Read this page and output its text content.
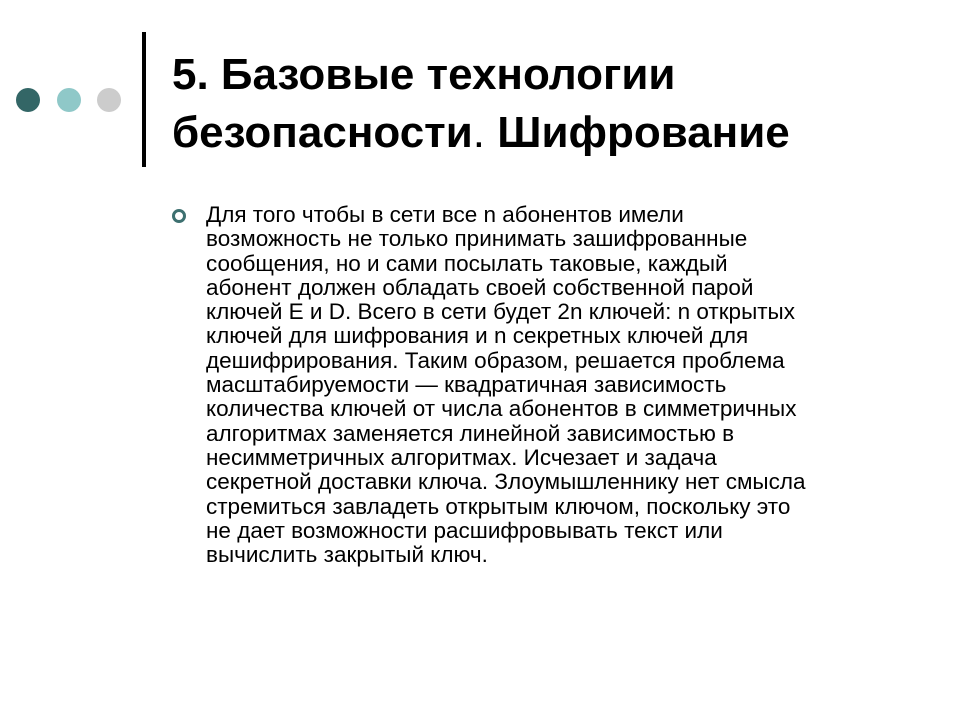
5. Базовые технологии
безопасности. Шифрование
Для того чтобы в сети все n абонентов имели
возможность не только принимать зашифрованные
сообщения, но и сами посылать таковые, каждый
абонент должен обладать своей собственной парой
ключей E и D. Всего в сети будет 2n ключей: n открытых
ключей для шифрования и n секретных ключей для
дешифрирования. Таким образом, решается проблема
масштабируемости — квадратичная зависимость
количества ключей от числа абонентов в симметричных
алгоритмах заменяется линейной зависимостью в
несимметричных алгоритмах. Исчезает и задача
секретной доставки ключа. Злоумышленнику нет смысла
стремиться завладеть открытым ключом, поскольку это
не дает возможности расшифровывать текст или
вычислить закрытый ключ.
